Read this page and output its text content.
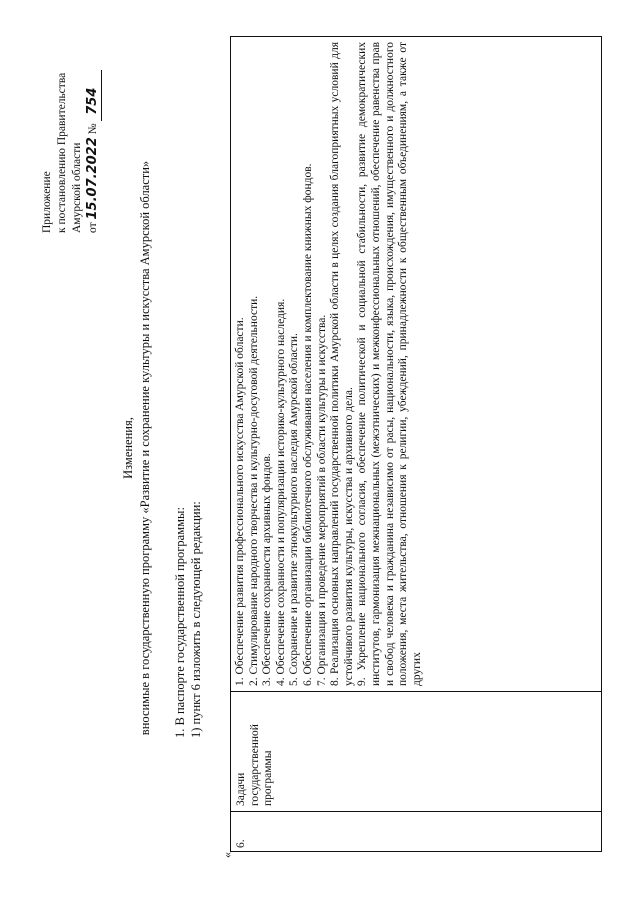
Приложение к постановлению Правительства Амурской области от 15.07.2022 №   754
Изменения, вносимые в государственную программу «Развитие и сохранение культуры и искусства Амурской области» 1. В паспорте государственной программы: 1) пункт 6 изложить в следующей редакции:
«
6.
Задачи государственной программы

1. Обеспечение развития профессионального искусства Амурской области. 2. Стимулирование народного творчества и культурно-досуговой деятельности. 3. Обеспечение сохранности архивных фондов. 4. Обеспечение сохранности и популяризации историко-культурного наследия. 5. Сохранение и развитие этнокультурного наследия Амурской области. 6. Обеспечение организации библиотечного обслуживания населения и комплектование книжных фондов. 7. Организация и проведение мероприятий в области культуры и искусства. 8. Реализация основных направлений государственной политики Амурской области в целях создания благоприятных условий для устойчивого развития культуры, искусства и архивного дела. 9. Укрепление национального согласия, обеспечение политической и социальной стабильности, развитие демократических институтов, гармонизация межнациональных (межэтнических) и межконфессиональных отношений, обеспечение равенства прав и свобод человека и гражданина независимо от расы, национальности, языка, происхождения, имущественного и должностного положения, места жительства, отношения к религии, убеждений, принадлежности к общественным объединениям, а также от других
